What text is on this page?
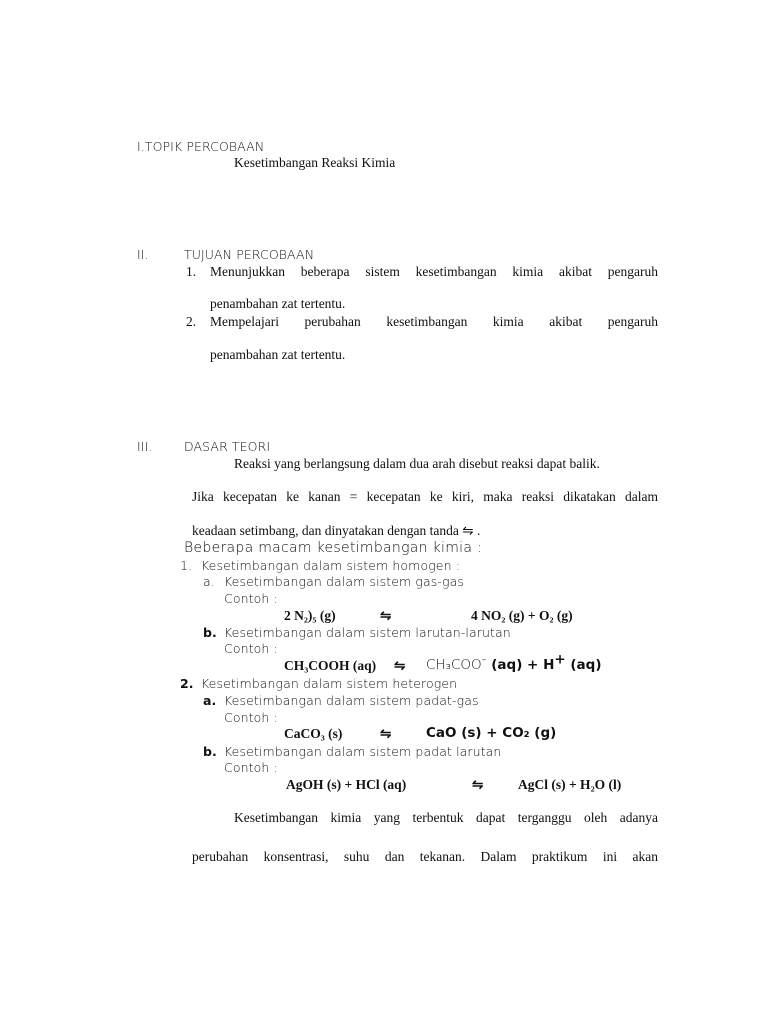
I.TOPIK PERCOBAAN
Kesetimbangan Reaksi Kimia
II.	TUJUAN PERCOBAAN
1. Menunjukkan beberapa sistem kesetimbangan kimia akibat pengaruh
penambahan zat tertentu.
2. Mempelajari perubahan kesetimbangan kimia akibat pengaruh
penambahan zat tertentu.
III.	DASAR TEORI
Reaksi yang berlangsung dalam dua arah disebut reaksi dapat balik.
Jika kecepatan ke kanan = kecepatan ke kiri, maka reaksi dikatakan dalam
keadaan setimbang, dan dinyatakan dengan tanda ⇋ .
Beberapa macam kesetimbangan kimia :
1. Kesetimbangan dalam sistem homogen :
a. Kesetimbangan dalam sistem gas-gas
Contoh :
2 N₂)₅ (g)	⇋	4 NO₂ (g) + O₂ (g)
b. Kesetimbangan dalam sistem larutan-larutan
Contoh :
CH₃COOH (aq) ⇋ CH₃COO- (aq) + H+ (aq)
2. Kesetimbangan dalam sistem heterogen
a. Kesetimbangan dalam sistem padat-gas
Contoh :
CaCO₃ (s)	⇋	CaO (s) + CO₂ (g)
b. Kesetimbangan dalam sistem padat larutan
Contoh :
AgOH (s) + HCl (aq)	⇋	AgCl (s) + H₂O (l)
Kesetimbangan kimia yang terbentuk dapat terganggu oleh adanya
perubahan konsentrasi, suhu dan tekanan. Dalam praktikum ini akan
